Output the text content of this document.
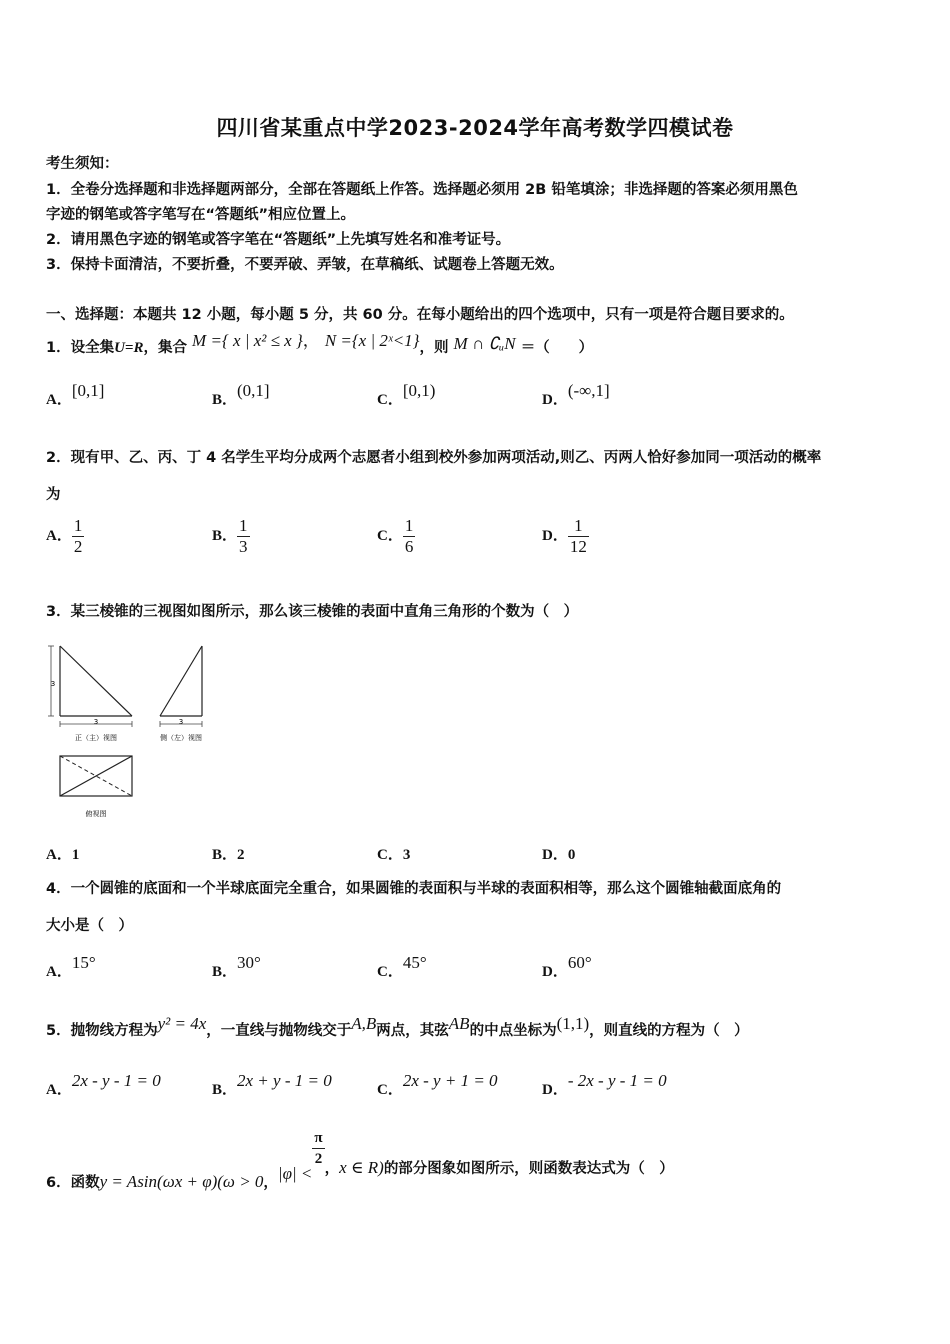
四川省某重点中学2023-2024学年高考数学四模试卷
考生须知：
1．全卷分选择题和非选择题两部分，全部在答题纸上作答。选择题必须用 2B 铅笔填涂；非选择题的答案必须用黑色
字迹的钢笔或答字笔写在“答题纸”相应位置上。
2．请用黑色字迹的钢笔或答字笔在“答题纸”上先填写姓名和准考证号。
3．保持卡面清洁，不要折叠，不要弄破、弄皱，在草稿纸、试题卷上答题无效。
一、选择题：本题共 12 小题，每小题 5 分，共 60 分。在每小题给出的四个选项中，只有一项是符合题目要求的。
1．设全集U=R，集合 M ={ x | x² ≤ x }， N ={x | 2ˣ<1}，则 M ∩ ∁ᵤN ＝（　　）
A．[0,1]	B．(0,1]	C．[0,1)	D．(-∞,1]
2．现有甲、乙、丙、丁 4 名学生平均分成两个志愿者小组到校外参加两项活动,则乙、丙两人恰好参加同一项活动的概率
为
A． $\frac{1}{2}$	B． $\frac{1}{3}$	C． $\frac{1}{6}$	D． $\frac{1}{12}$
3．某三棱锥的三视图如图所示，那么该三棱锥的表面中直角三角形的个数为（　）
3
3
正（主）视图
3
侧（左）视图
俯视图
A．1	B．2	C．3	D．0
4．一个圆锥的底面和一个半球底面完全重合，如果圆锥的表面积与半球的表面积相等，那么这个圆锥轴截面底角的
大小是（　）
A．15°	B．30°	C．45°	D．60°
5．抛物线方程为y² = 4x，一直线与抛物线交于A,B两点，其弦AB的中点坐标为(1,1)，则直线的方程为（　）
A．2x - y - 1 = 0	B．2x + y - 1 = 0	C．2x - y + 1 = 0	D．- 2x - y - 1 = 0
6．函数y = Asin(ωx + φ)(ω > 0，|φ| <
$\frac{\pi}{2}$ ，x ∈ R)的部分图象如图所示，则函数表达式为（　）
